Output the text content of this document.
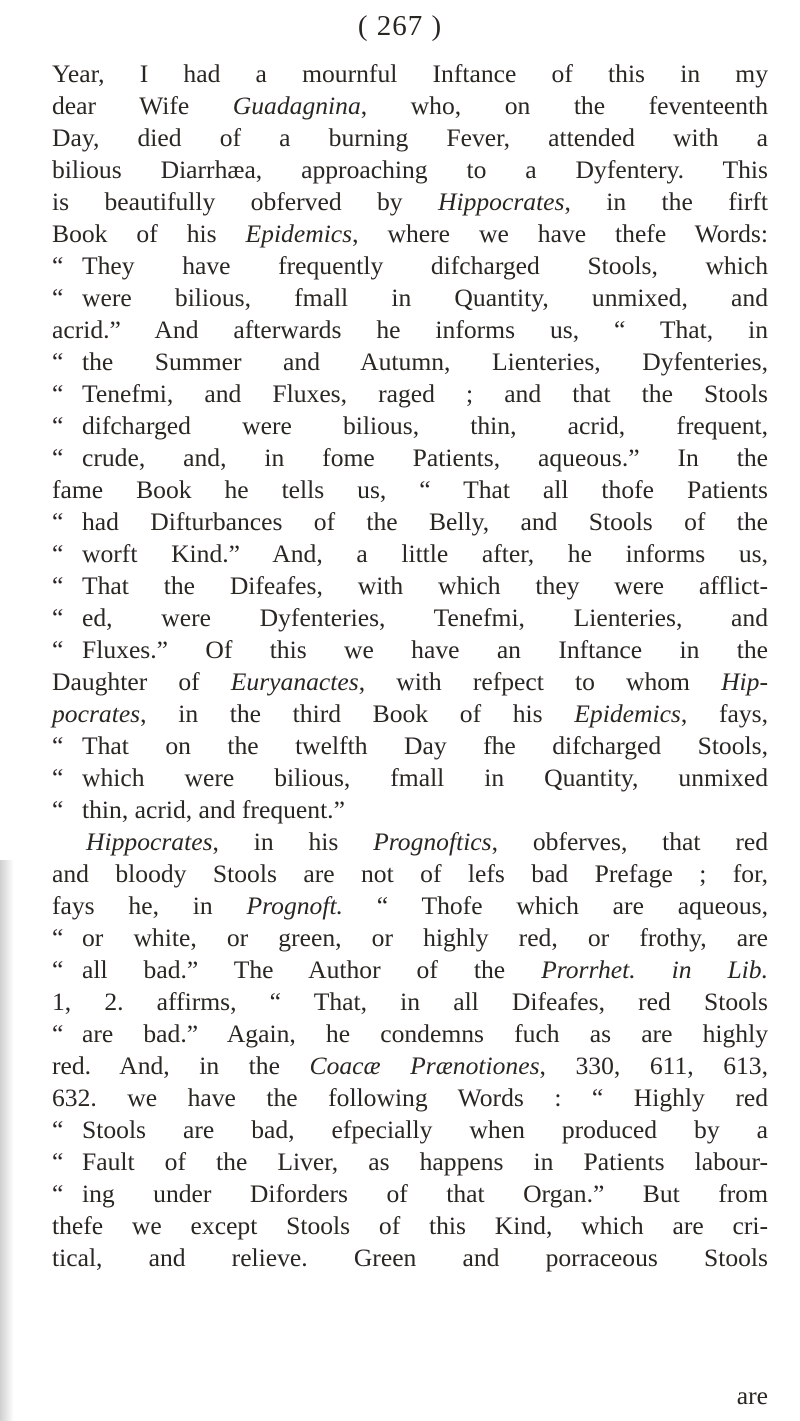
( 267 )
Year, I had a mournful Inftance of this in my
dear Wife Guadagnina, who, on the feventeenth
Day, died of a burning Fever, attended with a
bilious Diarrhæa, approaching to a Dyfentery. This
is beautifully obferved by Hippocrates, in the firft
Book of his Epidemics, where we have thefe Words:
“ They have frequently difcharged Stools, which
“ were bilious, fmall in Quantity, unmixed, and
acrid.” And afterwards he informs us, “ That, in
“ the Summer and Autumn, Lienteries, Dyfenteries,
“ Tenefmi, and Fluxes, raged ; and that the Stools
“ difcharged were bilious, thin, acrid, frequent,
“ crude, and, in fome Patients, aqueous.” In the
fame Book he tells us, “ That all thofe Patients
“ had Difturbances of the Belly, and Stools of the
“ worft Kind.” And, a little after, he informs us,
“ That the Difeafes, with which they were afflict-
“ ed, were Dyfenteries, Tenefmi, Lienteries, and
“ Fluxes.” Of this we have an Inftance in the
Daughter of Euryanactes, with refpect to whom Hip-
pocrates, in the third Book of his Epidemics, fays,
“ That on the twelfth Day fhe difcharged Stools,
“ which were bilious, fmall in Quantity, unmixed
“ thin, acrid, and frequent.”
Hippocrates, in his Prognoftics, obferves, that red
and bloody Stools are not of lefs bad Prefage ; for,
fays he, in Prognoft. “ Thofe which are aqueous,
“ or white, or green, or highly red, or frothy, are
“ all bad.” The Author of the Prorrhet. in Lib.
1, 2. affirms, “ That, in all Difeafes, red Stools
“ are bad.” Again, he condemns fuch as are highly
red. And, in the Coacæ Prænotiones, 330, 611, 613,
632. we have the following Words : “ Highly red
“ Stools are bad, efpecially when produced by a
“ Fault of the Liver, as happens in Patients labour-
“ ing under Diforders of that Organ.” But from
thefe we except Stools of this Kind, which are cri-
tical, and relieve. Green and porraceous Stools
are
